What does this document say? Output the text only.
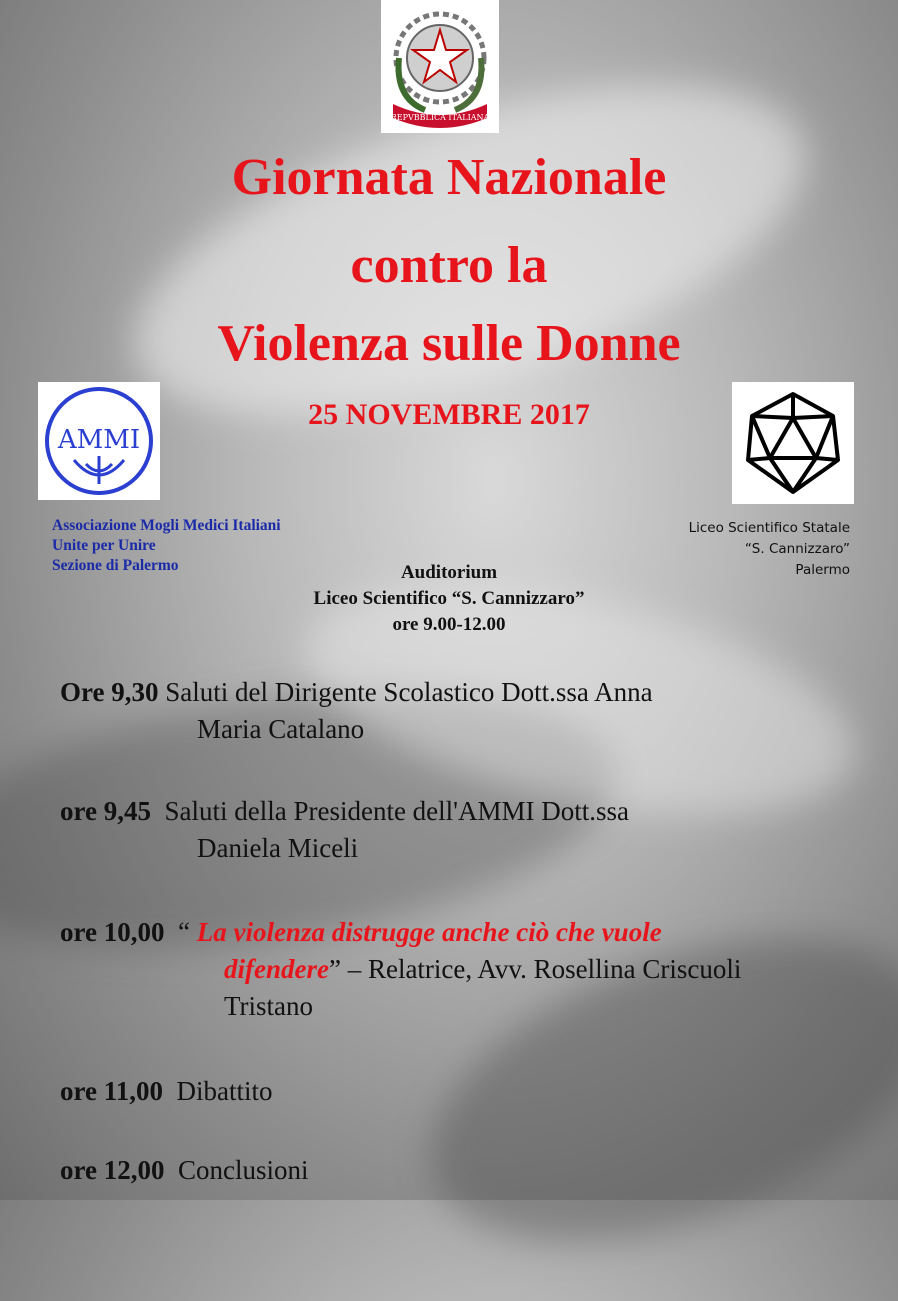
REPVBBLICA ITALIANA
AMMI
Giornata Nazionale
contro la
Violenza sulle Donne
25 NOVEMBRE 2017
Associazione Mogli Medici Italiani
Unite per Unire
Sezione di Palermo
Liceo Scientifico Statale
“S. Cannizzaro”
Palermo
Auditorium
Liceo Scientifico “S. Cannizzaro”
ore 9.00-12.00
Ore 9,30 Saluti del Dirigente Scolastico Dott.ssa Anna
Maria Catalano
ore 9,45 Saluti della Presidente dell'AMMI Dott.ssa
Daniela Miceli
ore 10,00 “ La violenza distrugge anche ciò che vuole
difendere” – Relatrice, Avv. Rosellina Criscuoli
Tristano
ore 11,00 Dibattito
ore 12,00 Conclusioni
